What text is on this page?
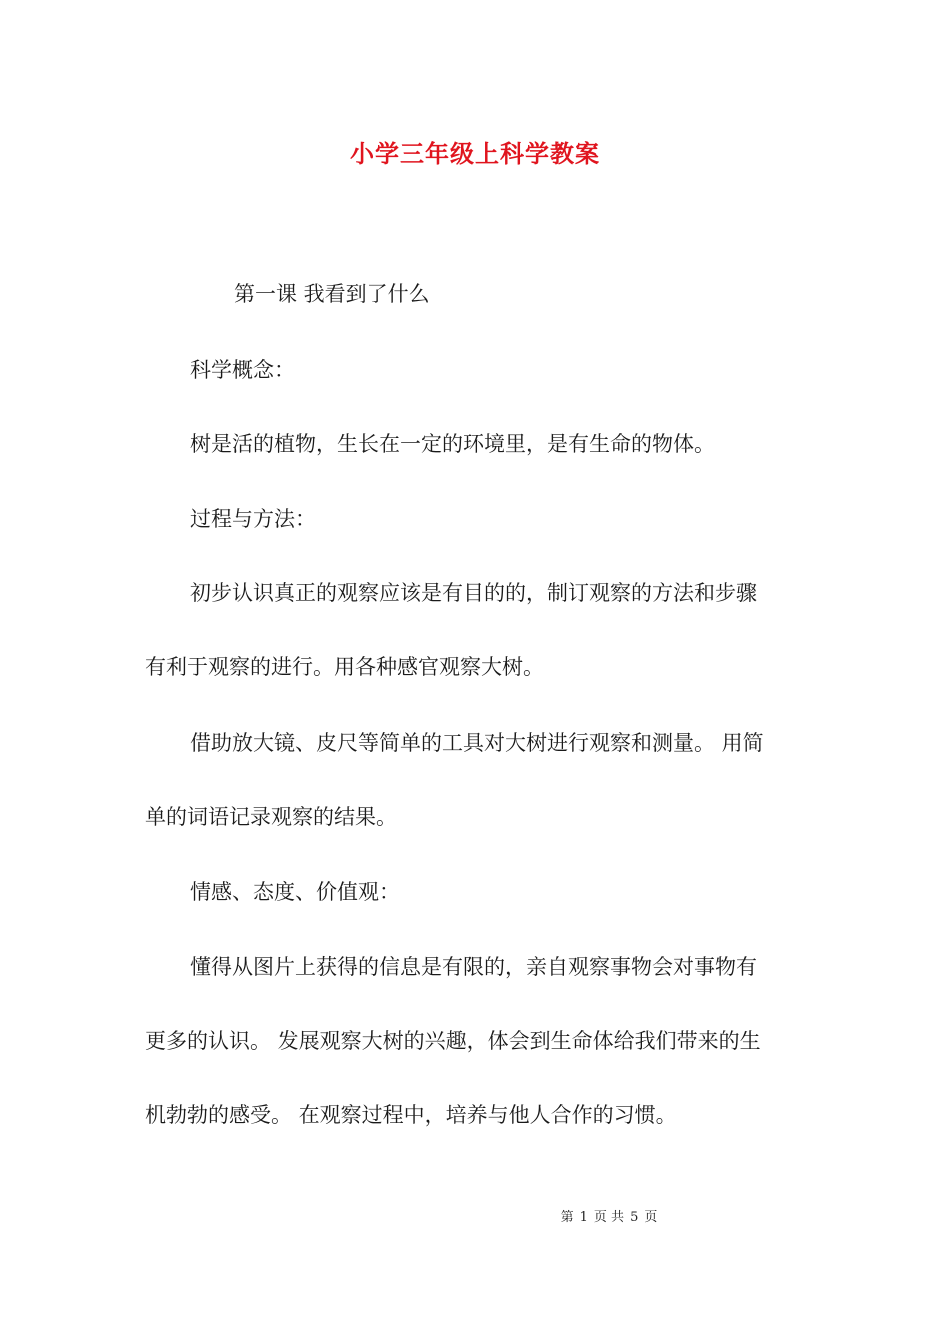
小学三年级上科学教案
第一课 我看到了什么
科学概念：
树是活的植物，生长在一定的环境里，是有生命的物体。
过程与方法：
初步认识真正的观察应该是有目的的，制订观察的方法和步骤
有利于观察的进行。用各种感官观察大树。
借助放大镜、皮尺等简单的工具对大树进行观察和测量。 用简
单的词语记录观察的结果。
情感、态度、价值观：
懂得从图片上获得的信息是有限的，亲自观察事物会对事物有
更多的认识。 发展观察大树的兴趣，体会到生命体给我们带来的生
机勃勃的感受。 在观察过程中，培养与他人合作的习惯。
第 1 页 共 5 页
